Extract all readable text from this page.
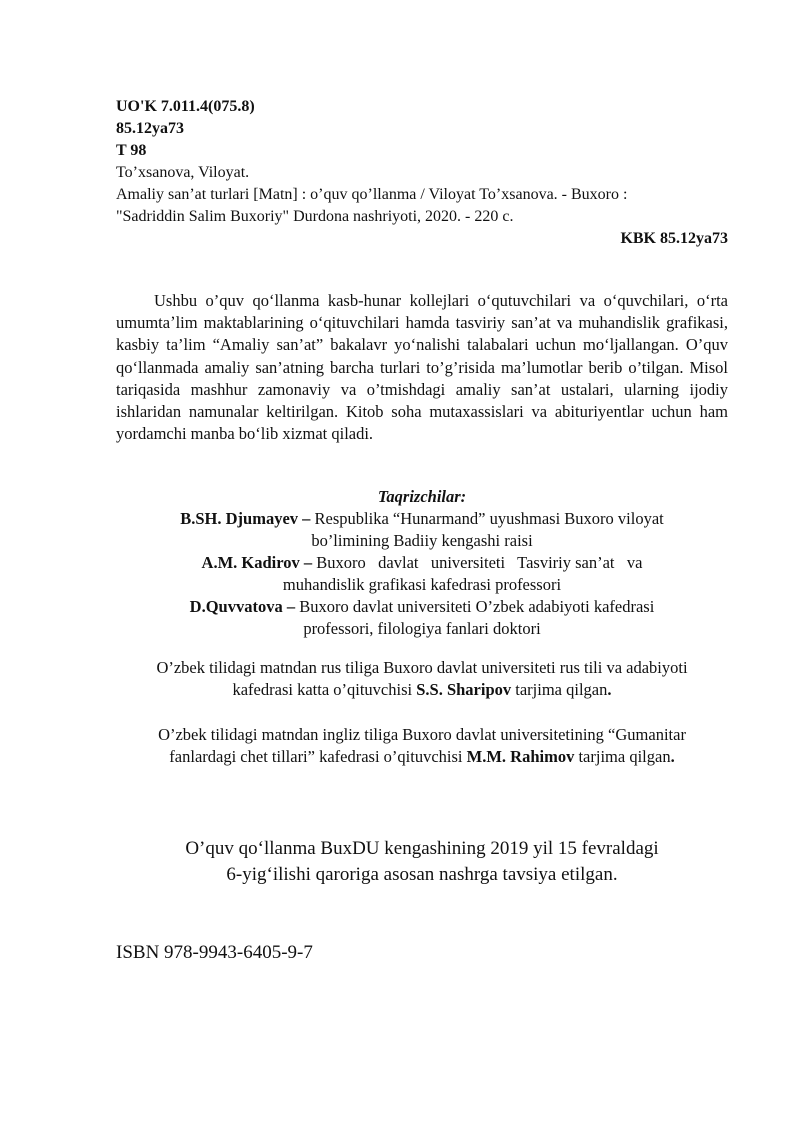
UO'K 7.011.4(075.8)
85.12ya73
T 98
To’xsanova, Viloyat.
Amaliy san’at turlari [Matn] : o’quv qo’llanma / Viloyat To’xsanova. - Buxoro :
"Sadriddin Salim Buxoriy" Durdona nashriyoti, 2020. - 220 c.
KBK 85.12ya73
Ushbu o’quv qoʻllanma kasb-hunar kollejlari oʻqutuvchilari va oʻquvchilari, oʻrta umumtaʼlim maktablarining oʻqituvchilari hamda tasviriy san’at va muhandislik grafikasi, kasbiy ta’lim “Amaliy san’at” bakalavr yoʻnalishi talabalari uchun moʻljallangan. O’quv qoʻllanmada amaliy san’atning barcha turlari to’g’risida ma’lumotlar berib o’tilgan. Misol tariqasida mashhur zamonaviy va o’tmishdagi amaliy san’at ustalari, ularning ijodiy ishlaridan namunalar keltirilgan. Kitob soha mutaxassislari va abituriyentlar uchun ham yordamchi manba boʻlib xizmat qiladi.
Taqrizchilar:
B.SH. Djumayev – Respublika “Hunarmand” uyushmasi Buxoro viloyat
bo’limining Badiiy kengashi raisi
A.M. Kadirov – Buxoro   davlat   universiteti   Tasviriy san’at   va
muhandislik grafikasi kafedrasi professori
D.Quvvatova – Buxoro davlat universiteti O’zbek adabiyoti kafedrasi
professori, filologiya fanlari doktori
O’zbek tilidagi matndan rus tiliga Buxoro davlat universiteti rus tili va adabiyoti
kafedrasi katta o’qituvchisi S.S. Sharipov tarjima qilgan.
O’zbek tilidagi matndan ingliz tiliga Buxoro davlat universitetining “Gumanitar
fanlardagi chet tillari” kafedrasi o’qituvchisi M.M. Rahimov tarjima qilgan.
O’quv qoʻllanma BuxDU kengashining 2019 yil 15 fevraldagi
6-yigʻilishi qaroriga asosan nashrga tavsiya etilgan.
ISBN 978-9943-6405-9-7
